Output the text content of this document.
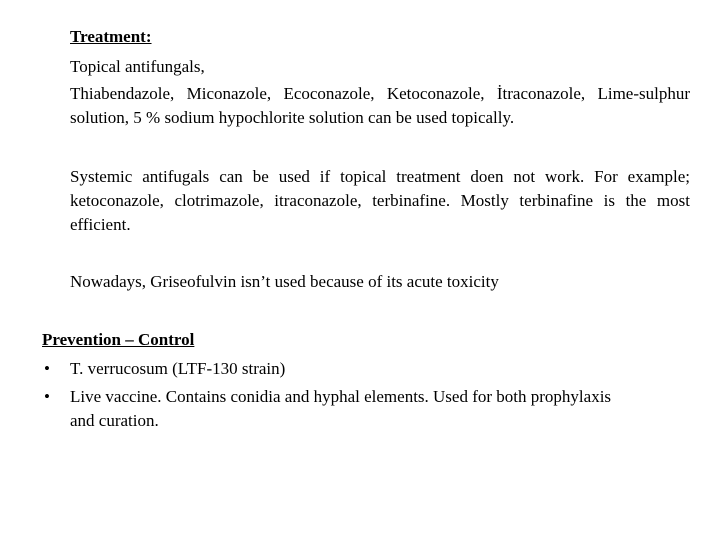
Treatment:
Topical antifungals,
Thiabendazole, Miconazole, Ecoconazole, Ketoconazole, İtraconazole, Lime-sulphur solution, 5 % sodium hypochlorite solution can be used topically.
Systemic antifugals can be used if topical treatment doen not work. For example; ketoconazole, clotrimazole, itraconazole, terbinafine. Mostly terbinafine is the most efficient.
Nowadays, Griseofulvin isn’t used because of its acute toxicity
Prevention – Control
•	T. verrucosum (LTF-130 strain)
•	Live vaccine. Contains conidia and hyphal elements. Used for both prophylaxis and curation.
